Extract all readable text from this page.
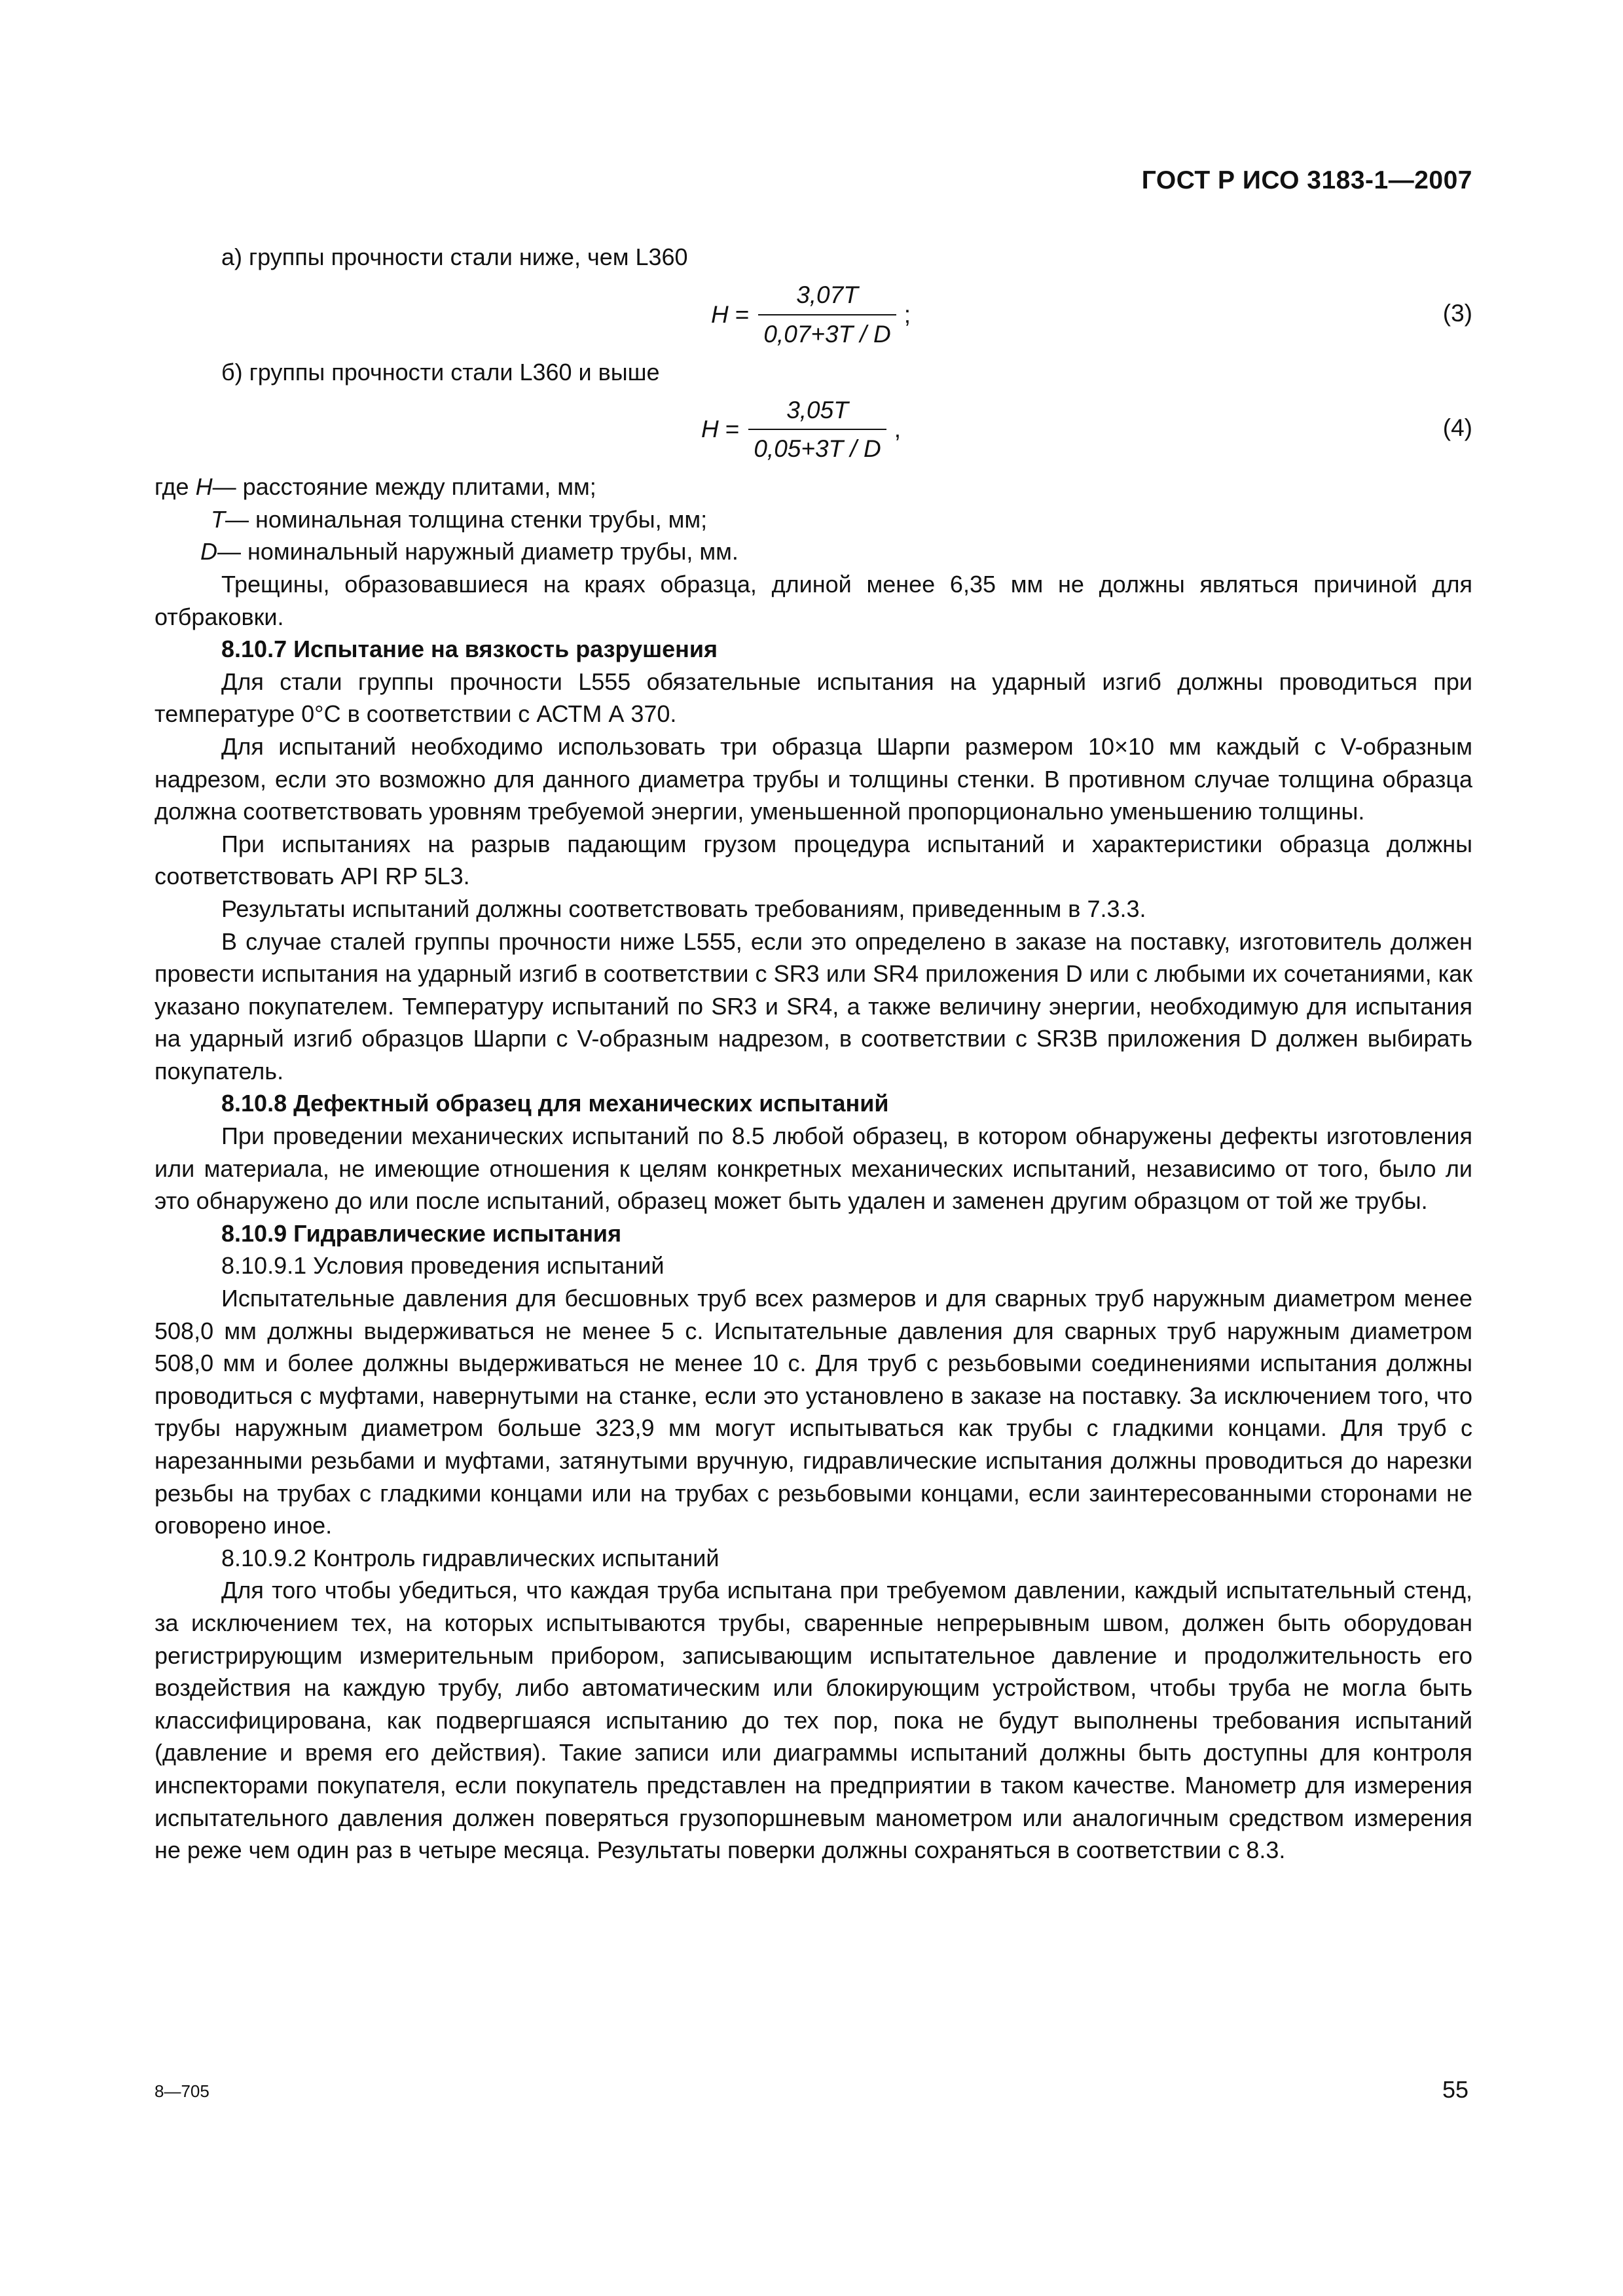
ГОСТ Р ИСО 3183-1—2007

а) группы прочности стали ниже, чем L360

$H = \frac{3,07T}{0,07+3T / D}$ ;	(3)

б) группы прочности стали L360 и выше

$H = \frac{3,05T}{0,05+3T / D}$ ,	(4)
где
H — расстояние между плитами, мм;
T — номинальная толщина стенки трубы, мм;
D — номинальный наружный диаметр трубы, мм.

Трещины, образовавшиеся на краях образца, длиной менее 6,35 мм не должны являться причиной для отбраковки.

8.10.7 Испытание на вязкость разрушения

Для стали группы прочности L555 обязательные испытания на ударный изгиб должны проводиться при температуре 0°С в соответствии с АСТМ А 370.

Для испытаний необходимо использовать три образца Шарпи размером 10×10 мм каждый с V-образным надрезом, если это возможно для данного диаметра трубы и толщины стенки. В противном случае толщина образца должна соответствовать уровням требуемой энергии, уменьшенной пропорционально уменьшению толщины.

При испытаниях на разрыв падающим грузом процедура испытаний и характеристики образца должны соответствовать API RP 5L3.

Результаты испытаний должны соответствовать требованиям, приведенным в 7.3.3.

В случае сталей группы прочности ниже L555, если это определено в заказе на поставку, изготовитель должен провести испытания на ударный изгиб в соответствии с SR3 или SR4 приложения D или с любыми их сочетаниями, как указано покупателем. Температуру испытаний по SR3 и SR4, а также величину энергии, необходимую для испытания на ударный изгиб образцов Шарпи с V-образным надрезом, в соответствии с SR3B приложения D должен выбирать покупатель.

8.10.8 Дефектный образец для механических испытаний

При проведении механических испытаний по 8.5 любой образец, в котором обнаружены дефекты изготовления или материала, не имеющие отношения к целям конкретных механических испытаний, независимо от того, было ли это обнаружено до или после испытаний, образец может быть удален и заменен другим образцом от той же трубы.

8.10.9 Гидравлические испытания

8.10.9.1 Условия проведения испытаний

Испытательные давления для бесшовных труб всех размеров и для сварных труб наружным диаметром менее 508,0 мм должны выдерживаться не менее 5 с. Испытательные давления для сварных труб наружным диаметром 508,0 мм и более должны выдерживаться не менее 10 с. Для труб с резьбовыми соединениями испытания должны проводиться с муфтами, навернутыми на станке, если это установлено в заказе на поставку. За исключением того, что трубы наружным диаметром больше 323,9 мм могут испытываться как трубы с гладкими концами. Для труб с нарезанными резьбами и муфтами, затянутыми вручную, гидравлические испытания должны проводиться до нарезки резьбы на трубах с гладкими концами или на трубах с резьбовыми концами, если заинтересованными сторонами не оговорено иное.

8.10.9.2 Контроль гидравлических испытаний

Для того чтобы убедиться, что каждая труба испытана при требуемом давлении, каждый испытательный стенд, за исключением тех, на которых испытываются трубы, сваренные непрерывным швом, должен быть оборудован регистрирующим измерительным прибором, записывающим испытательное давление и продолжительность его воздействия на каждую трубу, либо автоматическим или блокирующим устройством, чтобы труба не могла быть классифицирована, как подвергшаяся испытанию до тех пор, пока не будут выполнены требования испытаний (давление и время его действия). Такие записи или диаграммы испытаний должны быть доступны для контроля инспекторами покупателя, если покупатель представлен на предприятии в таком качестве. Манометр для измерения испытательного давления должен поверяться грузопоршневым манометром или аналогичным средством измерения не реже чем один раз в четыре месяца. Результаты поверки должны сохраняться в соответствии с 8.3.

8—705	55
